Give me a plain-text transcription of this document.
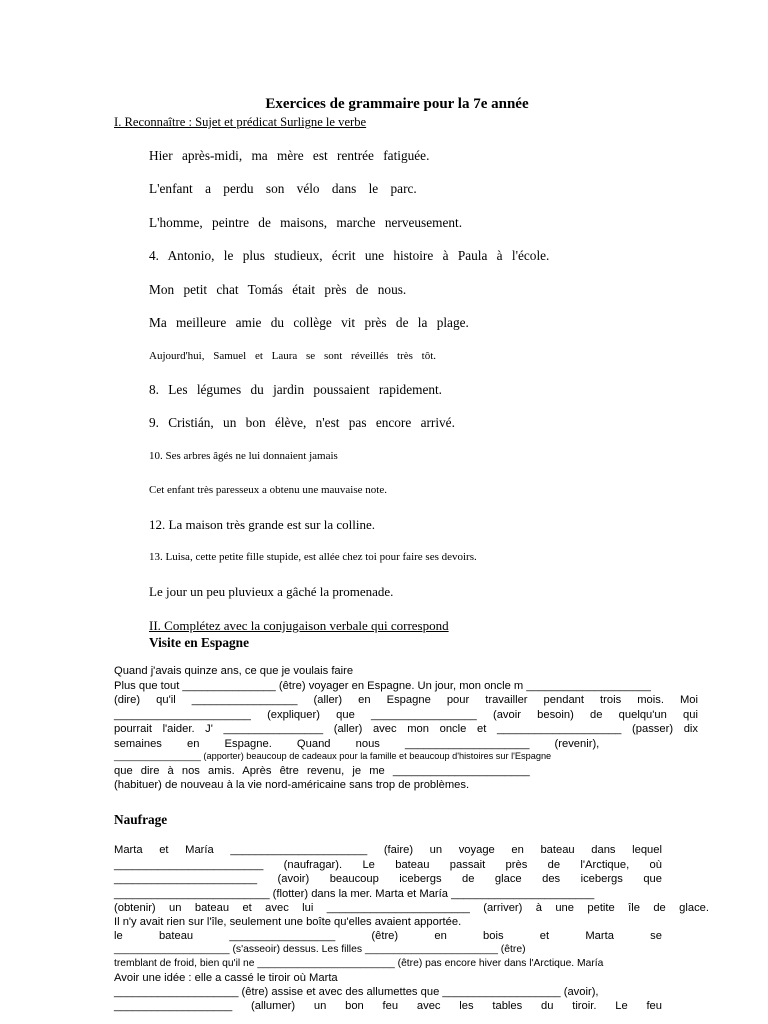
Exercices de grammaire pour la 7e année
I. Reconnaître : Sujet et prédicat Surligne le verbe
Hier après-midi, ma mère est rentrée fatiguée.
L'enfant a perdu son vélo dans le parc.
L'homme, peintre de maisons, marche nerveusement.
4. Antonio, le plus studieux, écrit une histoire à Paula à l'école.
Mon petit chat Tomás était près de nous.
Ma meilleure amie du collège vit près de la plage.
Aujourd'hui, Samuel et Laura se sont réveillés très tôt.
8. Les légumes du jardin poussaient rapidement.
9. Cristián, un bon élève, n'est pas encore arrivé.
10. Ses arbres âgés ne lui donnaient jamais
Cet enfant très paresseux a obtenu une mauvaise note.
12. La maison très grande est sur la colline.
13. Luisa, cette petite fille stupide, est allée chez toi pour faire ses devoirs.
Le jour un peu pluvieux a gâché la promenade.
II. Complétez avec la conjugaison verbale qui correspond
Visite en Espagne
Quand j'avais quinze ans, ce que je voulais faire
Plus que tout _______________ (être) voyager en Espagne. Un jour, mon oncle m ____________________
(dire) qu'il _________________ (aller) en Espagne pour travailler pendant trois mois. Moi
______________________ (expliquer) que _________________ (avoir besoin) de quelqu'un qui
pourrait l'aider. J' ________________ (aller) avec mon oncle et ____________________ (passer) dix
semaines en Espagne. Quand nous ____________________ (revenir),
_________________ (apporter) beaucoup de cadeaux pour la famille et beaucoup d'histoires sur l'Espagne
que dire à nos amis. Après être revenu, je me ______________________
(habituer) de nouveau à la vie nord-américaine sans trop de problèmes.
Naufrage
Marta et María ______________________ (faire) un voyage en bateau dans lequel
________________________ (naufragar). Le bateau passait près de l'Arctique, où
_______________________ (avoir) beaucoup icebergs de glace des icebergs que
_________________________ (flotter) dans la mer. Marta et María _______________________
(obtenir) un bateau et avec lui _______________________ (arriver) à une petite île de glace.
Il n'y avait rien sur l'île, seulement une boîte qu'elles avaient apportée.
le bateau _________________ (être) en bois et Marta se
____________________ (s'asseoir) dessus. Les filles _______________________ (être)
tremblant de froid, bien qu'il ne ________________________ (être) pas encore hiver dans l'Arctique. María
Avoir une idée : elle a cassé le tiroir où Marta
____________________ (être) assise et avec des allumettes que ___________________ (avoir),
___________________ (allumer) un bon feu avec les tables du tiroir. Le feu
